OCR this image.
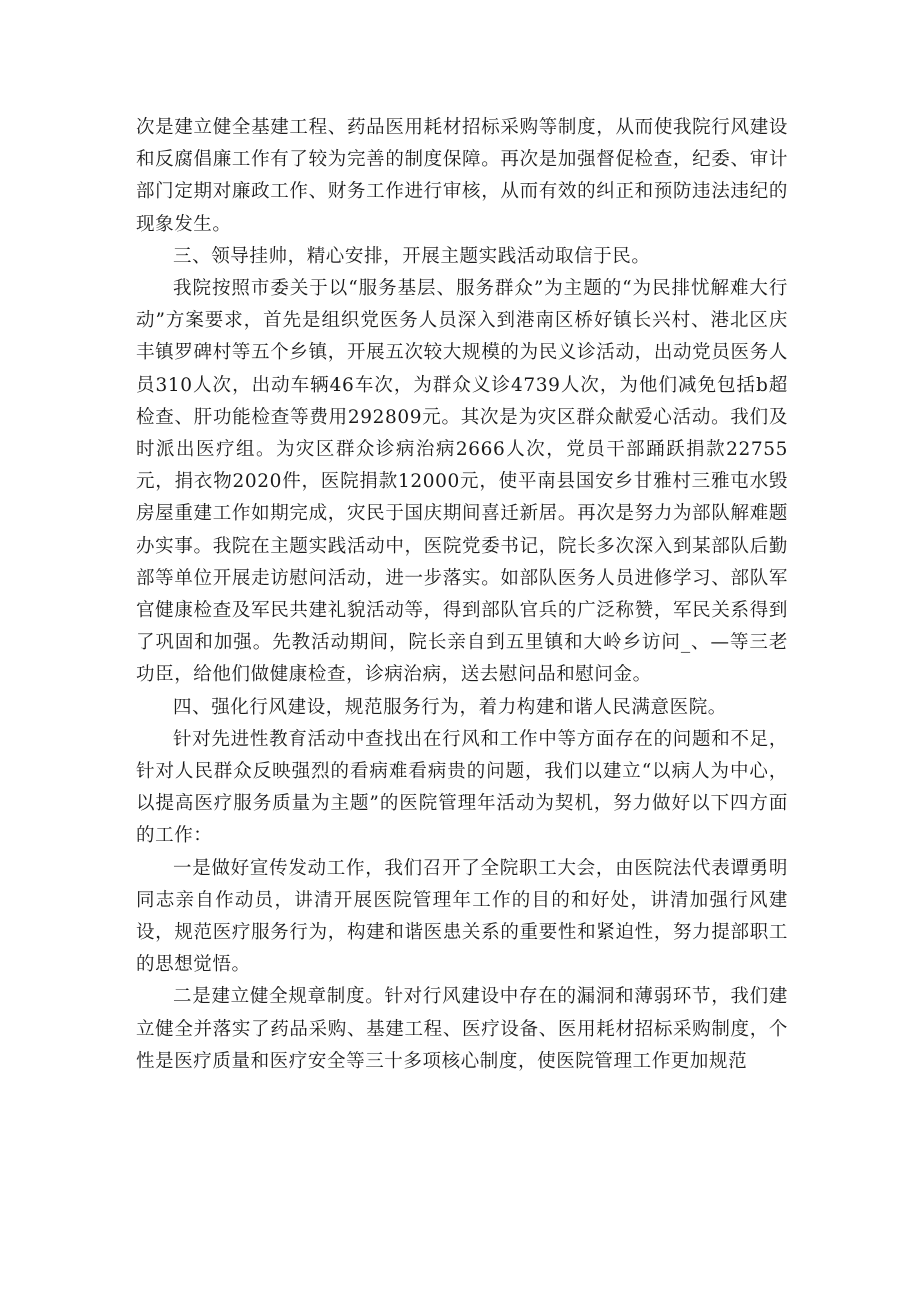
次是建立健全基建工程、药品医用耗材招标采购等制度，从而使我院行风建设和反腐倡廉工作有了较为完善的制度保障。再次是加强督促检查，纪委、审计部门定期对廉政工作、财务工作进行审核，从而有效的纠正和预防违法违纪的现象发生。

三、领导挂帅，精心安排，开展主题实践活动取信于民。

我院按照市委关于以“服务基层、服务群众”为主题的“为民排忧解难大行动”方案要求，首先是组织党医务人员深入到港南区桥好镇长兴村、港北区庆丰镇罗碑村等五个乡镇，开展五次较大规模的为民义诊活动，出动党员医务人员310人次，出动车辆46车次，为群众义诊4739人次，为他们减免包括b超检查、肝功能检查等费用292809元。其次是为灾区群众献爱心活动。我们及时派出医疗组。为灾区群众诊病治病2666人次，党员干部踊跃捐款22755元，捐衣物2020件，医院捐款12000元，使平南县国安乡甘雅村三雅屯水毁房屋重建工作如期完成，灾民于国庆期间喜迁新居。再次是努力为部队解难题办实事。我院在主题实践活动中，医院党委书记，院长多次深入到某部队后勤部等单位开展走访慰问活动，进一步落实。如部队医务人员进修学习、部队军官健康检查及军民共建礼貌活动等，得到部队官兵的广泛称赞，军民关系得到了巩固和加强。先教活动期间，院长亲自到五里镇和大岭乡访问_、—等三老功臣，给他们做健康检查，诊病治病，送去慰问品和慰问金。

四、强化行风建设，规范服务行为，着力构建和谐人民满意医院。

针对先进性教育活动中查找出在行风和工作中等方面存在的问题和不足，针对人民群众反映强烈的看病难看病贵的问题，我们以建立“以病人为中心，以提高医疗服务质量为主题”的医院管理年活动为契机，努力做好以下四方面的工作：

一是做好宣传发动工作，我们召开了全院职工大会，由医院法代表谭勇明同志亲自作动员，讲清开展医院管理年工作的目的和好处，讲清加强行风建设，规范医疗服务行为，构建和谐医患关系的重要性和紧迫性，努力提部职工的思想觉悟。

二是建立健全规章制度。针对行风建设中存在的漏洞和薄弱环节，我们建立健全并落实了药品采购、基建工程、医疗设备、医用耗材招标采购制度，个性是医疗质量和医疗安全等三十多项核心制度，使医院管理工作更加规范
